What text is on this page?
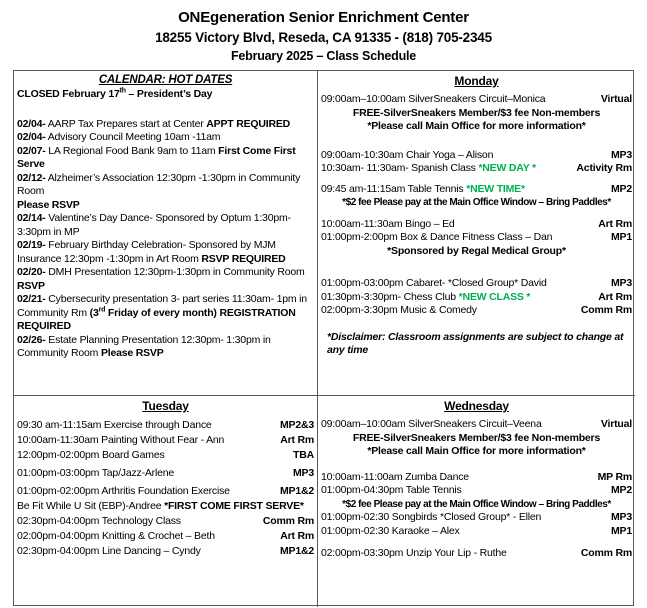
ONEgeneration Senior Enrichment Center
18255 Victory Blvd, Reseda, CA 91335 - (818) 705-2345
February 2025 – Class Schedule
CALENDAR: HOT DATES
CLOSED February 17th – President’s Day
02/04- AARP Tax Prepares start at Center APPT REQUIRED
02/04- Advisory Council Meeting 10am -11am
02/07- LA Regional Food Bank 9am to 11am First Come First Serve
02/12- Alzheimer’s Association 12:30pm -1:30pm in Community Room
Please RSVP
02/14- Valentine’s Day Dance- Sponsored by Optum 1:30pm-3:30pm in MP
02/19- February Birthday Celebration- Sponsored by MJM Insurance 12:30pm -1:30pm in Art Room RSVP REQUIRED
02/20- DMH Presentation 12:30pm-1:30pm in Community Room RSVP
02/21- Cybersecurity presentation 3- part series 11:30am- 1pm in Community Rm (3rd Friday of every month) REGISTRATION REQUIRED
02/26- Estate Planning Presentation 12:30pm- 1:30pm in Community Room Please RSVP
Monday
09:00am–10:00am SilverSneakers Circuit–Monica	Virtual
FREE-SilverSneakers Member/$3 fee Non-members
*Please call Main Office for more information*
09:00am-10:30am Chair Yoga – Alison	MP3
10:30am- 11:30am- Spanish Class *NEW DAY *	Activity Rm
09:45 am-11:15am Table Tennis *NEW TIME*	MP2
*$2 fee Please pay at the Main Office Window – Bring Paddles*
10:00am-11:30am Bingo – Ed	Art Rm
01:00pm-2:00pm Box & Dance Fitness Class – Dan	MP1
*Sponsored by Regal Medical Group*
01:00pm-03:00pm Cabaret- *Closed Group* David	MP3
01:30pm-3:30pm- Chess Club *NEW CLASS *	Art Rm
02:00pm-3:30pm Music & Comedy	Comm Rm
*Disclaimer: Classroom assignments are subject to change at any time
Tuesday
09:30 am-11:15am Exercise through Dance	MP2&3
10:00am-11:30am Painting Without Fear - Ann	Art Rm
12:00pm-02:00pm Board Games	TBA
01:00pm-03:00pm Tap/Jazz-Arlene	MP3
01:00pm-02:00pm Arthritis Foundation Exercise	MP1&2
Be Fit While U Sit (EBP)-Andree *FIRST COME FIRST SERVE*
02:30pm-04:00pm Technology Class	Comm Rm
02:00pm-04:00pm Knitting & Crochet – Beth	Art Rm
02:30pm-04:00pm Line Dancing – Cyndy	MP1&2
Wednesday
09:00am–10:00am SilverSneakers Circuit–Veena	Virtual
FREE-SilverSneakers Member/$3 fee Non-members
*Please call Main Office for more information*
10:00am-11:00am Zumba Dance	MP Rm
01:00pm-04:30pm Table Tennis	MP2
*$2 fee Please pay at the Main Office Window – Bring Paddles*
01:00pm-02:30 Songbirds *Closed Group* - Ellen	MP3
01:00pm-02:30 Karaoke – Alex	MP1
02:00pm-03:30pm Unzip Your Lip - Ruthe	Comm Rm
